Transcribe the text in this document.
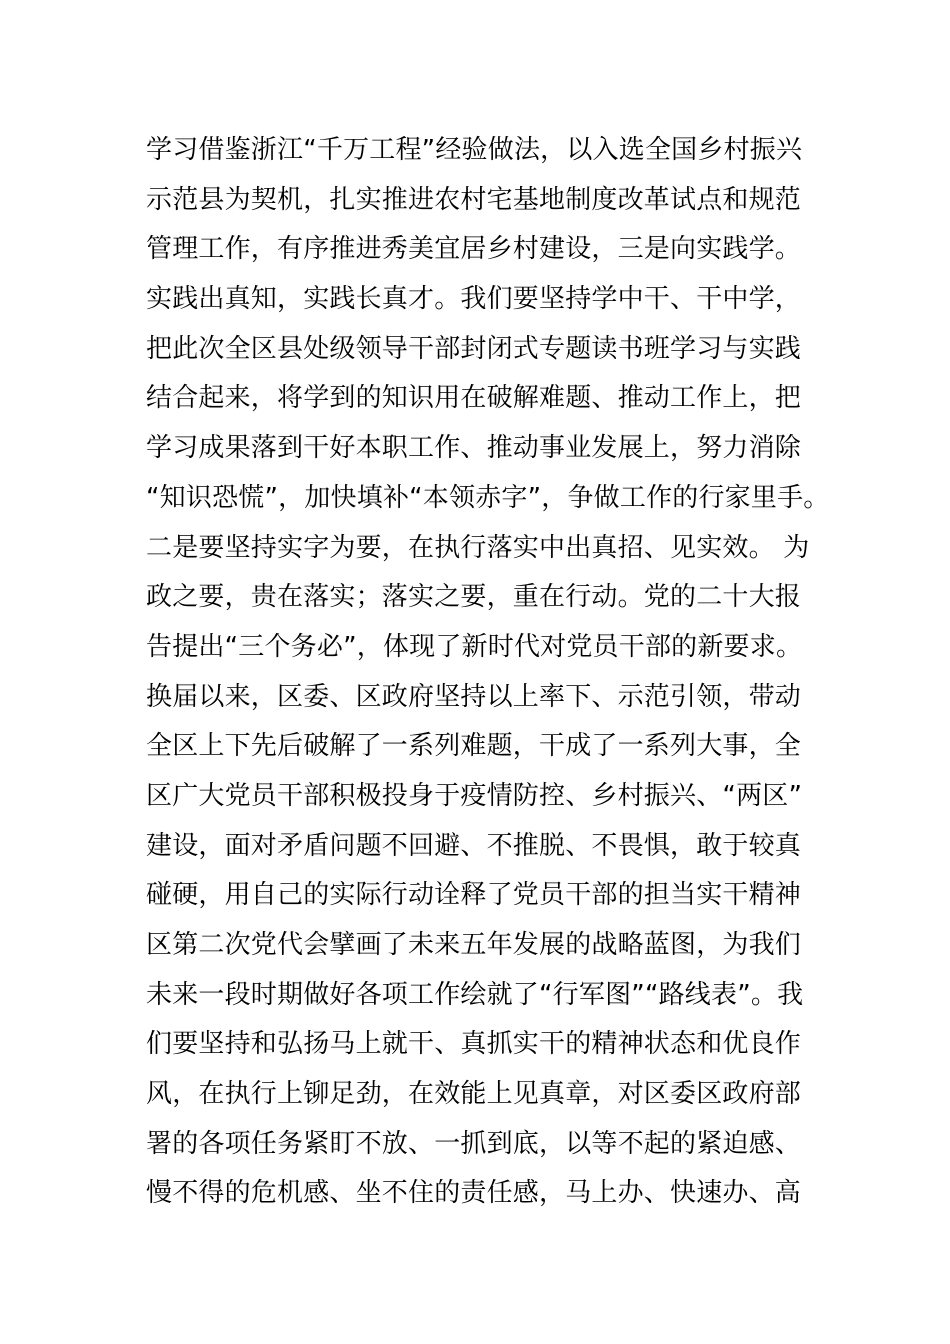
学习借鉴浙江“千万工程”经验做法，以入选全国乡村振兴
示范县为契机，扎实推进农村宅基地制度改革试点和规范
管理工作，有序推进秀美宜居乡村建设，三是向实践学。
实践出真知，实践长真才。我们要坚持学中干、干中学，
把此次全区县处级领导干部封闭式专题读书班学习与实践
结合起来，将学到的知识用在破解难题、推动工作上，把
学习成果落到干好本职工作、推动事业发展上，努力消除
“知识恐慌”，加快填补“本领赤字”，争做工作的行家里手。
二是要坚持实字为要，在执行落实中出真招、见实效。 为
政之要，贵在落实；落实之要，重在行动。党的二十大报
告提出“三个务必”，体现了新时代对党员干部的新要求。
换届以来，区委、区政府坚持以上率下、示范引领，带动
全区上下先后破解了一系列难题，干成了一系列大事，全
区广大党员干部积极投身于疫情防控、乡村振兴、“两区”
建设，面对矛盾问题不回避、不推脱、不畏惧，敢于较真
碰硬，用自己的实际行动诠释了党员干部的担当实干精神
区第二次党代会擘画了未来五年发展的战略蓝图，为我们
未来一段时期做好各项工作绘就了“行军图”“路线表”。我
们要坚持和弘扬马上就干、真抓实干的精神状态和优良作
风，在执行上铆足劲，在效能上见真章，对区委区政府部
署的各项任务紧盯不放、一抓到底，以等不起的紧迫感、
慢不得的危机感、坐不住的责任感，马上办、快速办、高
